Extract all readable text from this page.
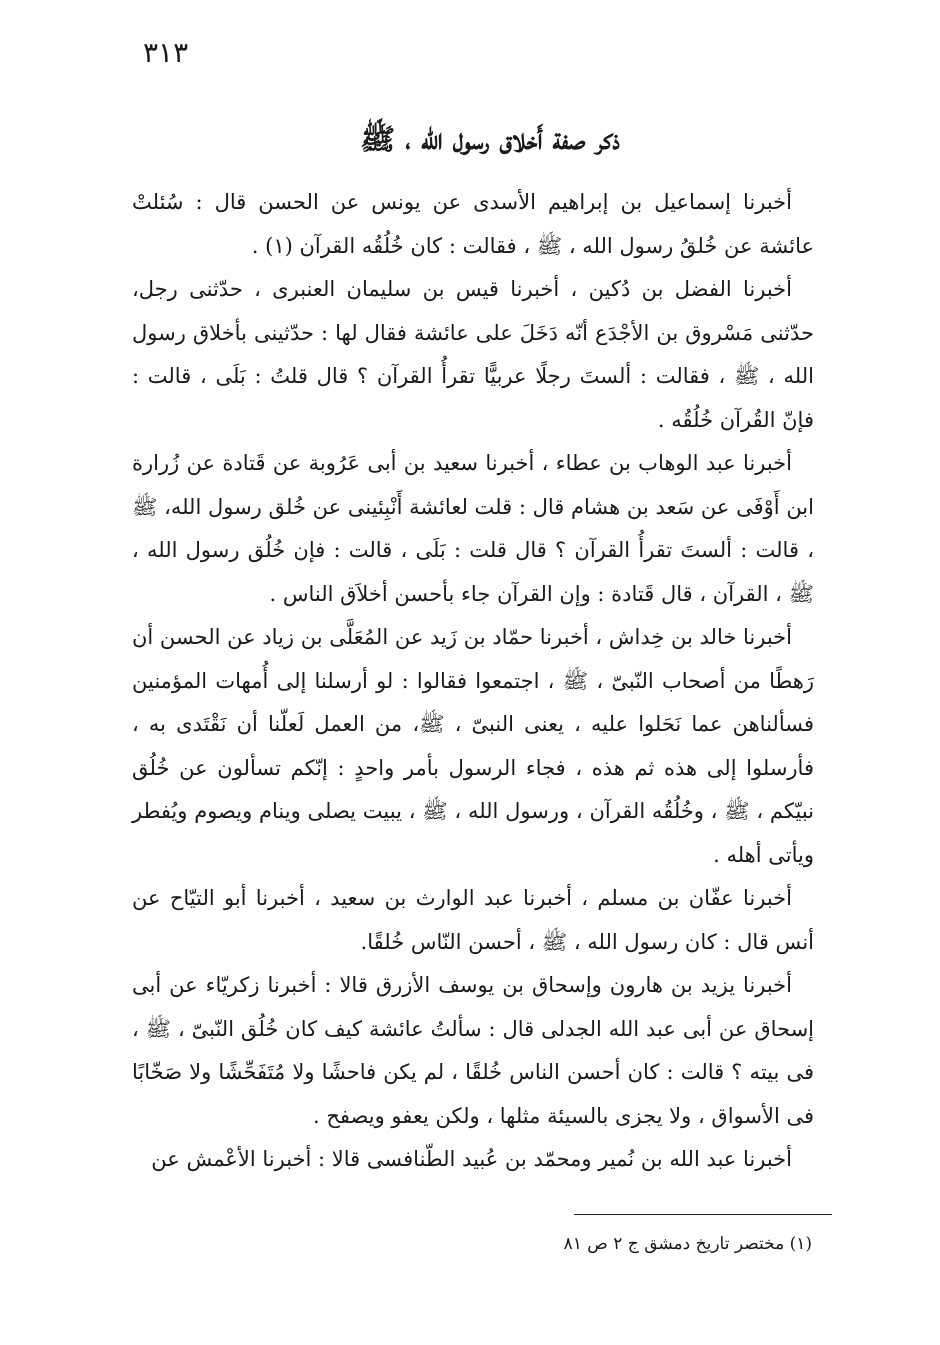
٣١٣
ذكر صفة أَخلاق رسول الله ، ﷺ

أخبرنا إسماعيل بن إبراهيم الأسدى عن يونس عن الحسن قال : سُئلتْ عائشة عن خُلقُ رسول الله ، ﷺ ، فقالت : كان خُلُقُه القرآن (١) .

أخبرنا الفضل بن دُكين ، أخبرنا قيس بن سليمان العنبرى ، حدّثنى رجل، حدّثنى مَسْروق بن الأجْدَع أنّه دَخَلَ على عائشة فقال لها : حدّثينى بأخلاق رسول الله ، ﷺ ، فقالت : ألستَ رجلًا عربيًّا تقرأُ القرآن ؟ قال قلتُ : بَلَى ، قالت : فإنّ القُرآن خُلُقُه .

أخبرنا عبد الوهاب بن عطاء ، أخبرنا سعيد بن أبى عَرُوبة عن قَتادة عن زُرارة ابن أَوْفَى عن سَعد بن هشام قال : قلت لعائشة أَنْبِئينى عن خُلق رسول الله، ﷺ ، قالت : ألستَ تقرأُ القرآن ؟ قال قلت : بَلَى ، قالت : فإن خُلُق رسول الله ، ﷺ ، القرآن ، قال قَتادة : وإن القرآن جاء بأحسن أخلاَق الناس .

أخبرنا خالد بن خِداش ، أخبرنا حمّاد بن زَيد عن المُعَلَّى بن زياد عن الحسن أن رَهطًا من أصحاب النّبىّ ، ﷺ ، اجتمعوا فقالوا : لو أرسلنا إلى أُمهات المؤمنين فسألناهن عما نَحَلوا عليه ، يعنى النبىّ ، ﷺ، من العمل لَعلّنا أن نَقْتَدى به ، فأرسلوا إلى هذه ثم هذه ، فجاء الرسول بأمر واحدٍ : إنّكم تسألون عن خُلُق نبيّكم ، ﷺ ، وخُلُقُه القرآن ، ورسول الله ، ﷺ ، يبيت يصلى وينام ويصوم ويُفطر ويأتى أهله .

أخبرنا عفّان بن مسلم ، أخبرنا عبد الوارث بن سعيد ، أخبرنا أبو التيّاح عن أنس قال : كان رسول الله ، ﷺ ، أحسن النّاس خُلقًا.

أخبرنا يزيد بن هارون وإسحاق بن يوسف الأزرق قالا : أخبرنا زكريّاء عن أبى إسحاق عن أبى عبد الله الجدلى قال : سألتُ عائشة كيف كان خُلُق النّبىّ ، ﷺ ، فى بيته ؟ قالت : كان أحسن الناس خُلقًا ، لم يكن فاحشًا ولا مُتَفَحِّشًا ولا صَخّابًا فى الأسواق ، ولا يجزى بالسيئة مثلها ، ولكن يعفو ويصفح .

أخبرنا عبد الله بن نُمير ومحمّد بن عُبيد الطّنافسى قالا : أخبرنا الأعْمش عن

(١) مختصر تاريخ دمشق ج ٢ ص ٨١
